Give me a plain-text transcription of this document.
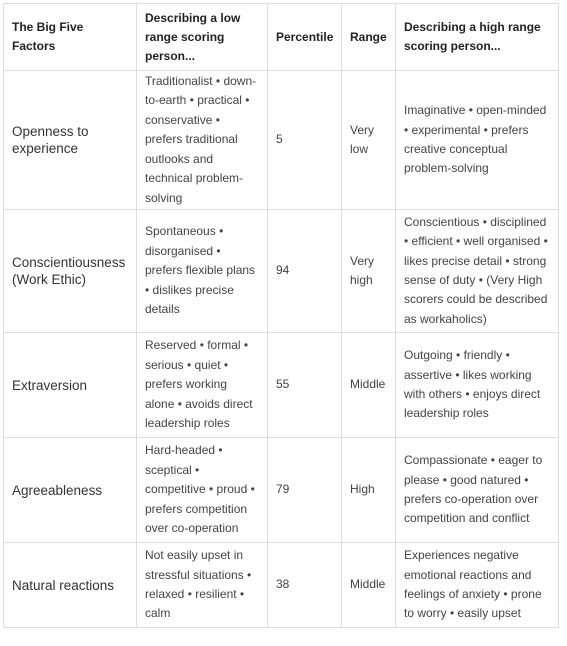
The Big Five Factors	Describing a low range scoring person...	Percentile	Range	Describing a high range scoring person...
Openness to experience	Traditionalist • down-to-earth • practical • conservative • prefers traditional outlooks and technical problem-solving	5	Very low	Imaginative • open-minded • experimental • prefers creative conceptual problem-solving
Conscientiousness (Work Ethic)	Spontaneous • disorganised • prefers flexible plans • dislikes precise details	94	Very high	Conscientious • disciplined • efficient • well organised • likes precise detail • strong sense of duty • (Very High scorers could be described as workaholics)
Extraversion	Reserved • formal • serious • quiet • prefers working alone • avoids direct leadership roles	55	Middle	Outgoing • friendly • assertive • likes working with others • enjoys direct leadership roles
Agreeableness	Hard-headed • sceptical • competitive • proud • prefers competition over co-operation	79	High	Compassionate • eager to please • good natured • prefers co-operation over competition and conflict
Natural reactions	Not easily upset in stressful situations • relaxed • resilient • calm	38	Middle	Experiences negative emotional reactions and feelings of anxiety • prone to worry • easily upset
